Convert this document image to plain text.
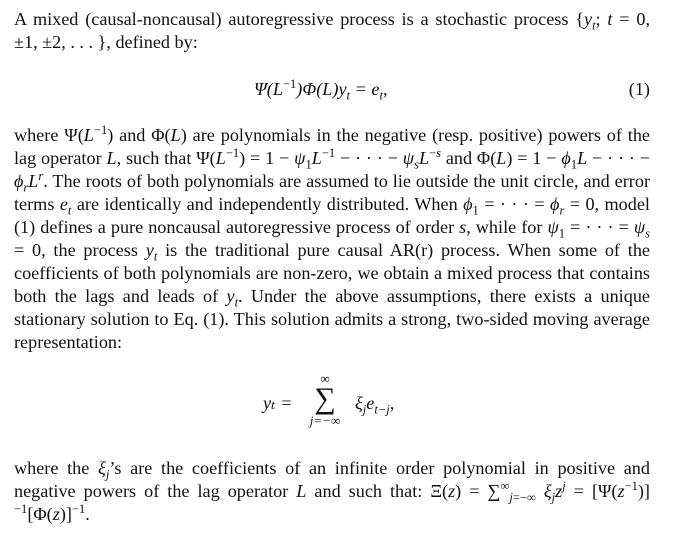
A mixed (causal-noncausal) autoregressive process is a stochastic process {$y_t$; t = 0, ±1, ±2, . . . }, defined by:

$\Psi(L^{-1})\Phi(L)y_t = e_t$,	(1)

where $\Psi(L^{-1})$ and Φ(L) are polynomials in the negative (resp. positive) powers of the lag operator L, such that $\Psi(L^{-1}) = 1 - \psi_1L^{-1}$ − · · · − $\psi_sL^{-s}$ and $\Phi(L) = 1 - \phi_1L$ − · · · − $\phi_rL^r$. The roots of both polynomials are assumed to lie outside the unit circle, and error terms $e_t$ are identically and independently distributed. When $\phi_1$ = · · · = $\phi_r = 0$, model (1) defines a pure noncausal autoregressive process of order s, while for $\psi_1$ = · · · = $\psi_s = 0$, the process $y_t$ is the traditional pure causal AR(r) process. When some of the coefficients of both polynomials are non-zero, we obtain a mixed process that contains both the lags and leads of $y_t$. Under the above assumptions, there exists a unique stationary solution to Eq. (1). This solution admits a strong, two-sided moving average representation:

yₜ =
∞
∑
j=−∞
$\xi_je_{t-j}$,

where the $\xi_j’s$ are the coefficients of an infinite order polynomial in positive and negative powers of the lag operator L and such that: $\Xi(z) = \sum^\infty_{j=-\infty}$ $\xi_jz^j = [\Psi(z^{-1})]^{-1}[\Phi(z)]^{-1}$.
